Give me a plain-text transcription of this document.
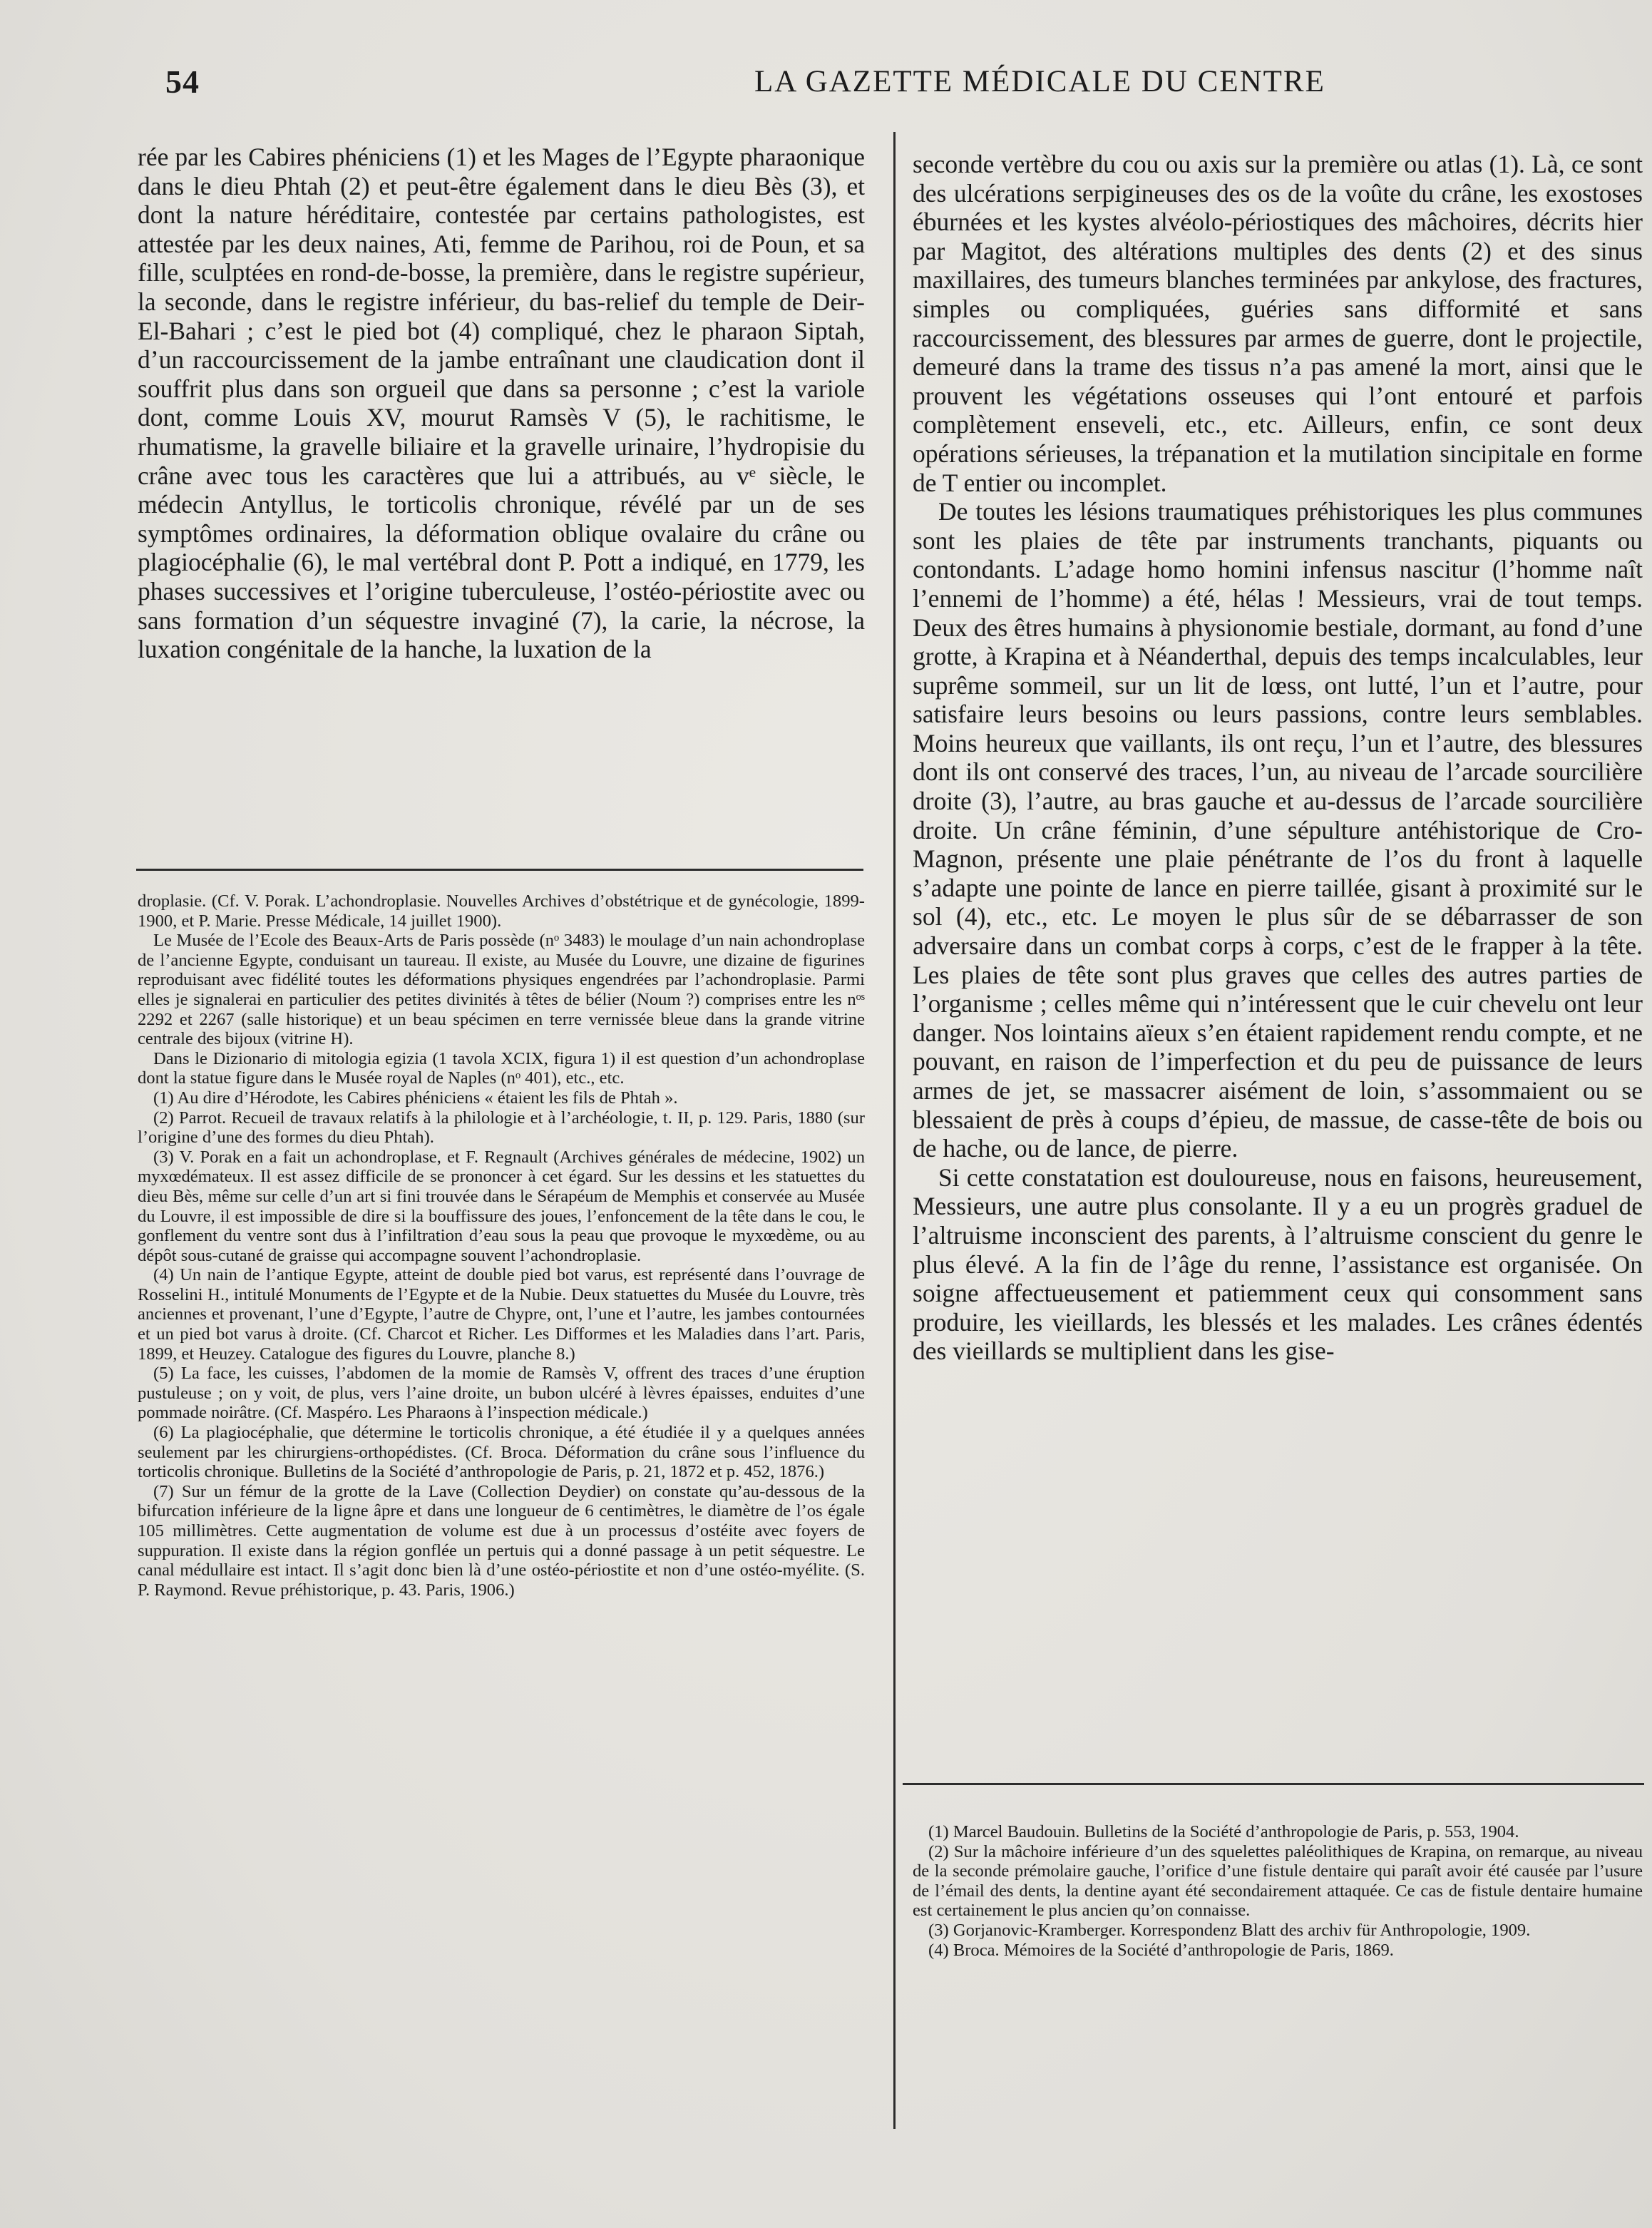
54	LA GAZETTE MÉDICALE DU CENTRE

rée par les Cabires phéniciens (1) et les Mages de l’Egypte pharaonique dans le dieu Phtah (2) et peut-être également dans le dieu Bès (3), et dont la nature héréditaire, contestée par certains pathologistes, est attestée par les deux naines, Ati, femme de Parihou, roi de Poun, et sa fille, sculptées en rond-de-bosse, la première, dans le registre supérieur, la seconde, dans le registre inférieur, du bas-relief du temple de Deir-El-Bahari ; c’est le pied bot (4) compliqué, chez le pharaon Siptah, d’un raccourcissement de la jambe entraînant une claudication dont il souffrit plus dans son orgueil que dans sa personne ; c’est la variole dont, comme Louis XV, mourut Ramsès V (5), le rachitisme, le rhumatisme, la gravelle biliaire et la gravelle urinaire, l’hydropisie du crâne avec tous les caractères que lui a attribués, au vᵉ siècle, le médecin Antyllus, le torticolis chronique, révélé par un de ses symptômes ordinaires, la déformation oblique ovalaire du crâne ou plagiocéphalie (6), le mal vertébral dont P. Pott a indiqué, en 1779, les phases successives et l’origine tuberculeuse, l’ostéo-périostite avec ou sans formation d’un séquestre invaginé (7), la carie, la nécrose, la luxation congénitale de la hanche, la luxation de la

droplasie. (Cf. V. Porak. L’achondroplasie. Nouvelles Archives d’obstétrique et de gynécologie, 1899-1900, et P. Marie. Presse Médicale, 14 juillet 1900).

Le Musée de l’Ecole des Beaux-Arts de Paris possède (nᵒ 3483) le moulage d’un nain achondroplase de l’ancienne Egypte, conduisant un taureau. Il existe, au Musée du Louvre, une dizaine de figurines reproduisant avec fidélité toutes les déformations physiques engendrées par l’achondroplasie. Parmi elles je signalerai en particulier des petites divinités à têtes de bélier (Noum ?) comprises entre les nᵒˢ 2292 et 2267 (salle historique) et un beau spécimen en terre vernissée bleue dans la grande vitrine centrale des bijoux (vitrine H).

Dans le Dizionario di mitologia egizia (1 tavola XCIX, figura 1) il est question d’un achondroplase dont la statue figure dans le Musée royal de Naples (nᵒ 401), etc., etc.

(1) Au dire d’Hérodote, les Cabires phéniciens « étaient les fils de Phtah ».

(2) Parrot. Recueil de travaux relatifs à la philologie et à l’archéologie, t. II, p. 129. Paris, 1880 (sur l’origine d’une des formes du dieu Phtah).

(3) V. Porak en a fait un achondroplase, et F. Regnault (Archives générales de médecine, 1902) un myxœdémateux. Il est assez difficile de se prononcer à cet égard. Sur les dessins et les statuettes du dieu Bès, même sur celle d’un art si fini trouvée dans le Sérapéum de Memphis et conservée au Musée du Louvre, il est impossible de dire si la bouffissure des joues, l’enfoncement de la tête dans le cou, le gonflement du ventre sont dus à l’infiltration d’eau sous la peau que provoque le myxœdème, ou au dépôt sous-cutané de graisse qui accompagne souvent l’achondroplasie.

(4) Un nain de l’antique Egypte, atteint de double pied bot varus, est représenté dans l’ouvrage de Rosselini H., intitulé Monuments de l’Egypte et de la Nubie. Deux statuettes du Musée du Louvre, très anciennes et provenant, l’une d’Egypte, l’autre de Chypre, ont, l’une et l’autre, les jambes contournées et un pied bot varus à droite. (Cf. Charcot et Richer. Les Difformes et les Maladies dans l’art. Paris, 1899, et Heuzey. Catalogue des figures du Louvre, planche 8.)

(5) La face, les cuisses, l’abdomen de la momie de Ramsès V, offrent des traces d’une éruption pustuleuse ; on y voit, de plus, vers l’aine droite, un bubon ulcéré à lèvres épaisses, enduites d’une pommade noirâtre. (Cf. Maspéro. Les Pharaons à l’inspection médicale.)

(6) La plagiocéphalie, que détermine le torticolis chronique, a été étudiée il y a quelques années seulement par les chirurgiens-orthopédistes. (Cf. Broca. Déformation du crâne sous l’influence du torticolis chronique. Bulletins de la Société d’anthropologie de Paris, p. 21, 1872 et p. 452, 1876.)

(7) Sur un fémur de la grotte de la Lave (Collection Deydier) on constate qu’au-dessous de la bifurcation inférieure de la ligne âpre et dans une longueur de 6 centimètres, le diamètre de l’os égale 105 millimètres. Cette augmentation de volume est due à un processus d’ostéite avec foyers de suppuration. Il existe dans la région gonflée un pertuis qui a donné passage à un petit séquestre. Le canal médullaire est intact. Il s’agit donc bien là d’une ostéo-périostite et non d’une ostéo-myélite. (S. P. Raymond. Revue préhistorique, p. 43. Paris, 1906.)

seconde vertèbre du cou ou axis sur la première ou atlas (1). Là, ce sont des ulcérations serpigineuses des os de la voûte du crâne, les exostoses éburnées et les kystes alvéolo-périostiques des mâchoires, décrits hier par Magitot, des altérations multiples des dents (2) et des sinus maxillaires, des tumeurs blanches terminées par ankylose, des fractures, simples ou compliquées, guéries sans difformité et sans raccourcissement, des blessures par armes de guerre, dont le projectile, demeuré dans la trame des tissus n’a pas amené la mort, ainsi que le prouvent les végétations osseuses qui l’ont entouré et parfois complètement enseveli, etc., etc. Ailleurs, enfin, ce sont deux opérations sérieuses, la trépanation et la mutilation sincipitale en forme de T entier ou incomplet.

De toutes les lésions traumatiques préhistoriques les plus communes sont les plaies de tête par instruments tranchants, piquants ou contondants. L’adage homo homini infensus nascitur (l’homme naît l’ennemi de l’homme) a été, hélas ! Messieurs, vrai de tout temps. Deux des êtres humains à physionomie bestiale, dormant, au fond d’une grotte, à Krapina et à Néanderthal, depuis des temps incalculables, leur suprême sommeil, sur un lit de lœss, ont lutté, l’un et l’autre, pour satisfaire leurs besoins ou leurs passions, contre leurs semblables. Moins heureux que vaillants, ils ont reçu, l’un et l’autre, des blessures dont ils ont conservé des traces, l’un, au niveau de l’arcade sourcilière droite (3), l’autre, au bras gauche et au-dessus de l’arcade sourcilière droite. Un crâne féminin, d’une sépulture antéhistorique de Cro-Magnon, présente une plaie pénétrante de l’os du front à laquelle s’adapte une pointe de lance en pierre taillée, gisant à proximité sur le sol (4), etc., etc. Le moyen le plus sûr de se débarrasser de son adversaire dans un combat corps à corps, c’est de le frapper à la tête. Les plaies de tête sont plus graves que celles des autres parties de l’organisme ; celles même qui n’intéressent que le cuir chevelu ont leur danger. Nos lointains aïeux s’en étaient rapidement rendu compte, et ne pouvant, en raison de l’imperfection et du peu de puissance de leurs armes de jet, se massacrer aisément de loin, s’assommaient ou se blessaient de près à coups d’épieu, de massue, de casse-tête de bois ou de hache, ou de lance, de pierre.

Si cette constatation est douloureuse, nous en faisons, heureusement, Messieurs, une autre plus consolante. Il y a eu un progrès graduel de l’altruisme inconscient des parents, à l’altruisme conscient du genre le plus élevé. A la fin de l’âge du renne, l’assistance est organisée. On soigne affectueusement et patiemment ceux qui consomment sans produire, les vieillards, les blessés et les malades. Les crânes édentés des vieillards se multiplient dans les gise-

(1) Marcel Baudouin. Bulletins de la Société d’anthropologie de Paris, p. 553, 1904.

(2) Sur la mâchoire inférieure d’un des squelettes paléolithiques de Krapina, on remarque, au niveau de la seconde prémolaire gauche, l’orifice d’une fistule dentaire qui paraît avoir été causée par l’usure de l’émail des dents, la dentine ayant été secondairement attaquée. Ce cas de fistule dentaire humaine est certainement le plus ancien qu’on connaisse.

(3) Gorjanovic-Kramberger. Korrespondenz Blatt des archiv für Anthropologie, 1909.

(4) Broca. Mémoires de la Société d’anthropologie de Paris, 1869.
